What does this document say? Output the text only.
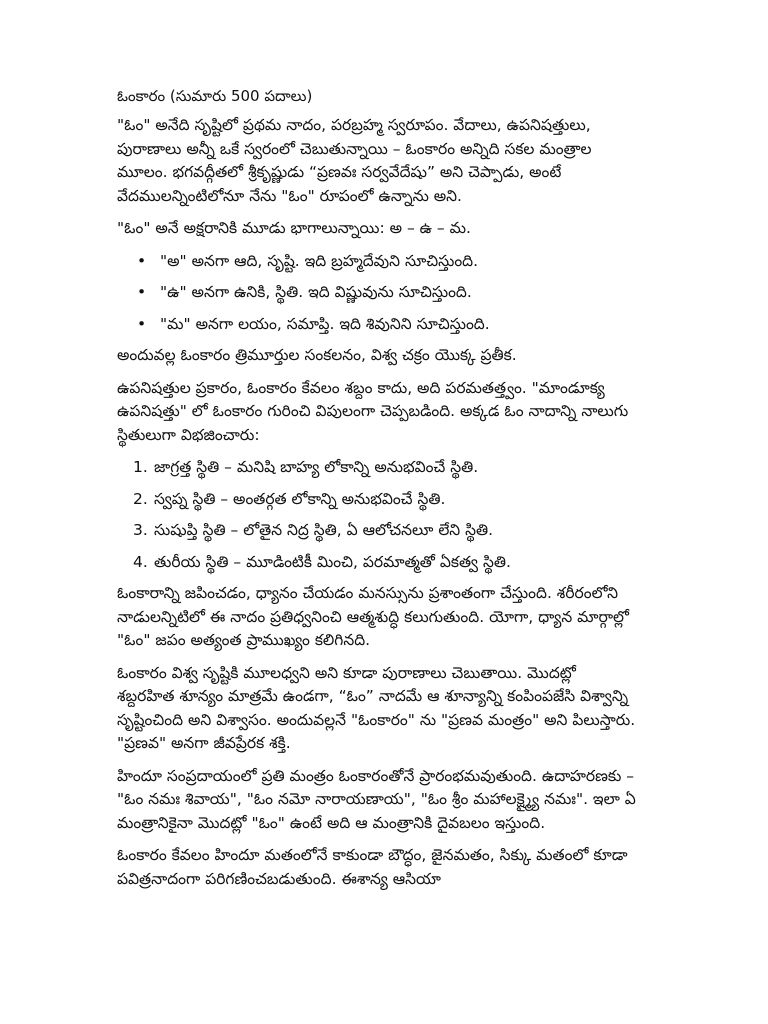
ఓంకారం (సుమారు 500 పదాలు)

"ఓం" అనేది సృష్టిలో ప్రథమ నాదం, పరబ్రహ్మ స్వరూపం. వేదాలు, ఉపనిషత్తులు, పురాణాలు అన్నీ ఒకే స్వరంలో చెబుతున్నాయి – ఓంకారం అన్నిది సకల మంత్రాల మూలం. భగవద్గీతలో శ్రీకృష్ణుడు “ప్రణవః సర్వవేదేషు” అని చెప్పాడు, అంటే వేదములన్నింటిలోనూ నేను "ఓం" రూపంలో ఉన్నాను అని.

"ఓం" అనే అక్షరానికి మూడు భాగాలున్నాయి: అ – ఉ – మ.

• "అ" అనగా ఆది, సృష్టి. ఇది బ్రహ్మదేవుని సూచిస్తుంది.
• "ఉ" అనగా ఉనికి, స్థితి. ఇది విష్ణువును సూచిస్తుంది.
• "మ" అనగా లయం, సమాప్తి. ఇది శివునిని సూచిస్తుంది.

అందువల్ల ఓంకారం త్రిమూర్తుల సంకలనం, విశ్వ చక్రం యొక్క ప్రతీక.

ఉపనిషత్తుల ప్రకారం, ఓంకారం కేవలం శబ్దం కాదు, అది పరమతత్త్వం. "మాండూక్య ఉపనిషత్తు" లో ఓంకారం గురించి విపులంగా చెప్పబడింది. అక్కడ ఓం నాదాన్ని నాలుగు స్థితులుగా విభజించారు:

1. జాగ్రత్త స్థితి – మనిషి బాహ్య లోకాన్ని అనుభవించే స్థితి.
2. స్వప్న స్థితి – అంతర్గత లోకాన్ని అనుభవించే స్థితి.
3. సుషుప్తి స్థితి – లోతైన నిద్ర స్థితి, ఏ ఆలోచనలూ లేని స్థితి.
4. తురీయ స్థితి – మూడింటికీ మించి, పరమాత్మతో ఏకత్వ స్థితి.

ఓంకారాన్ని జపించడం, ధ్యానం చేయడం మనస్సును ప్రశాంతంగా చేస్తుంది. శరీరంలోని నాడులన్నిటిలో ఈ నాదం ప్రతిధ్వనించి ఆత్మశుద్ధి కలుగుతుంది. యోగా, ధ్యాన మార్గాల్లో "ఓం" జపం అత్యంత ప్రాముఖ్యం కలిగినది.

ఓంకారం విశ్వ సృష్టికి మూలధ్వని అని కూడా పురాణాలు చెబుతాయి. మొదట్లో శబ్దరహిత శూన్యం మాత్రమే ఉండగా, “ఓం” నాదమే ఆ శూన్యాన్ని కంపింపజేసి విశ్వాన్ని సృష్టించింది అని విశ్వాసం. అందువల్లనే "ఓంకారం" ను "ప్రణవ మంత్రం" అని పిలుస్తారు. "ప్రణవ" అనగా జీవప్రేరక శక్తి.

హిందూ సంప్రదాయంలో ప్రతి మంత్రం ఓంకారంతోనే ప్రారంభమవుతుంది. ఉదాహరణకు – "ఓం నమః శివాయ", "ఓం నమో నారాయణాయ", "ఓం శ్రీం మహాలక్ష్మ్యై నమః". ఇలా ఏ మంత్రానికైనా మొదట్లో "ఓం" ఉంటే అది ఆ మంత్రానికి దైవబలం ఇస్తుంది.

ఓంకారం కేవలం హిందూ మతంలోనే కాకుండా బౌద్ధం, జైనమతం, సిక్కు మతంలో కూడా పవిత్రనాదంగా పరిగణించబడుతుంది. ఈశాన్య ఆసియా
